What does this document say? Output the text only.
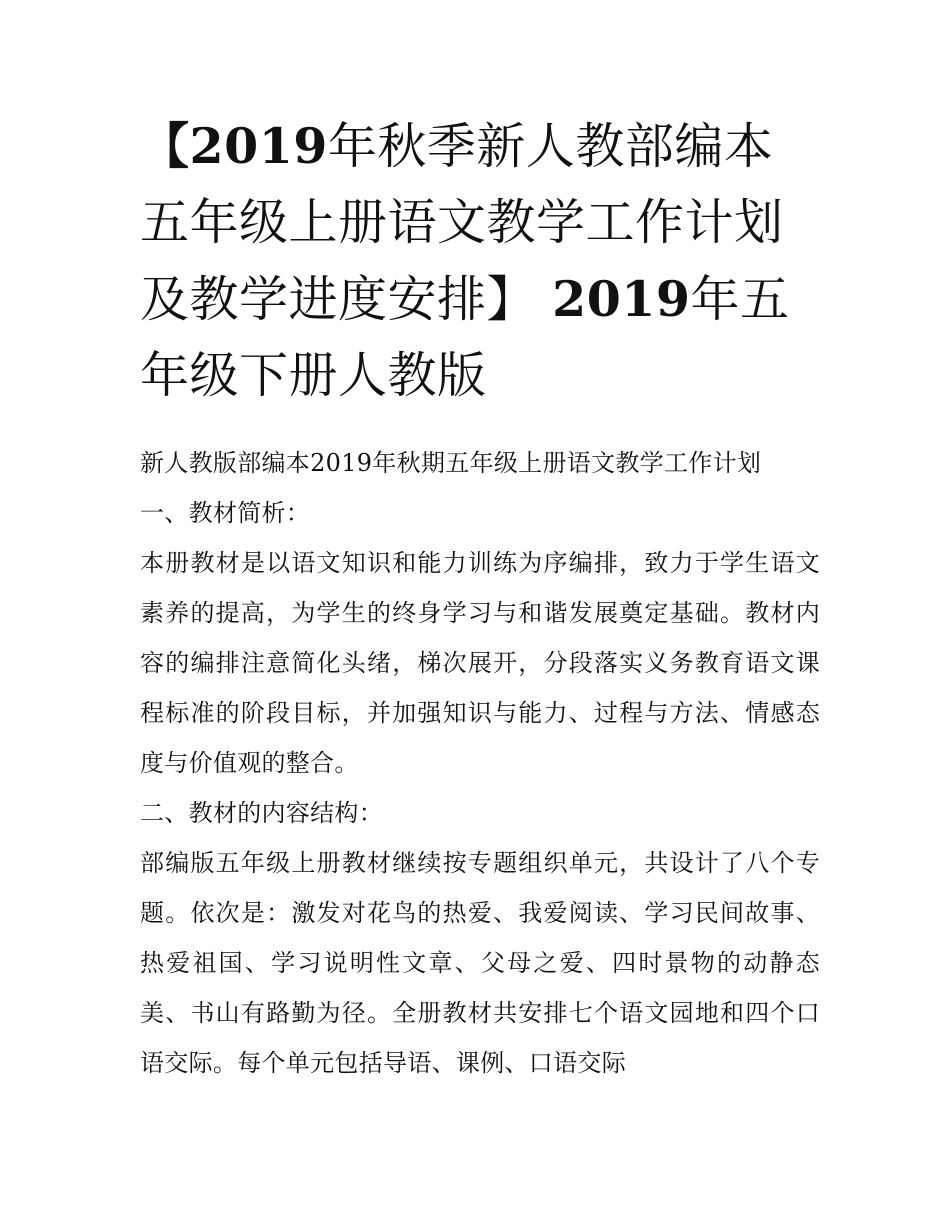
【2019年秋季新人教部编本五年级上册语文教学工作计划及教学进度安排】 2019年五年级下册人教版

新人教版部编本2019年秋期五年级上册语文教学工作计划

一、教材简析：

本册教材是以语文知识和能力训练为序编排，致力于学生语文素养的提高，为学生的终身学习与和谐发展奠定基础。教材内容的编排注意简化头绪，梯次展开，分段落实义务教育语文课程标准的阶段目标，并加强知识与能力、过程与方法、情感态度与价值观的整合。

二、教材的内容结构：

部编版五年级上册教材继续按专题组织单元，共设计了八个专题。依次是：激发对花鸟的热爱、我爱阅读、学习民间故事、热爱祖国、学习说明性文章、父母之爱、四时景物的动静态美、书山有路勤为径。全册教材共安排七个语文园地和四个口语交际。每个单元包括导语、课例、口语交际
